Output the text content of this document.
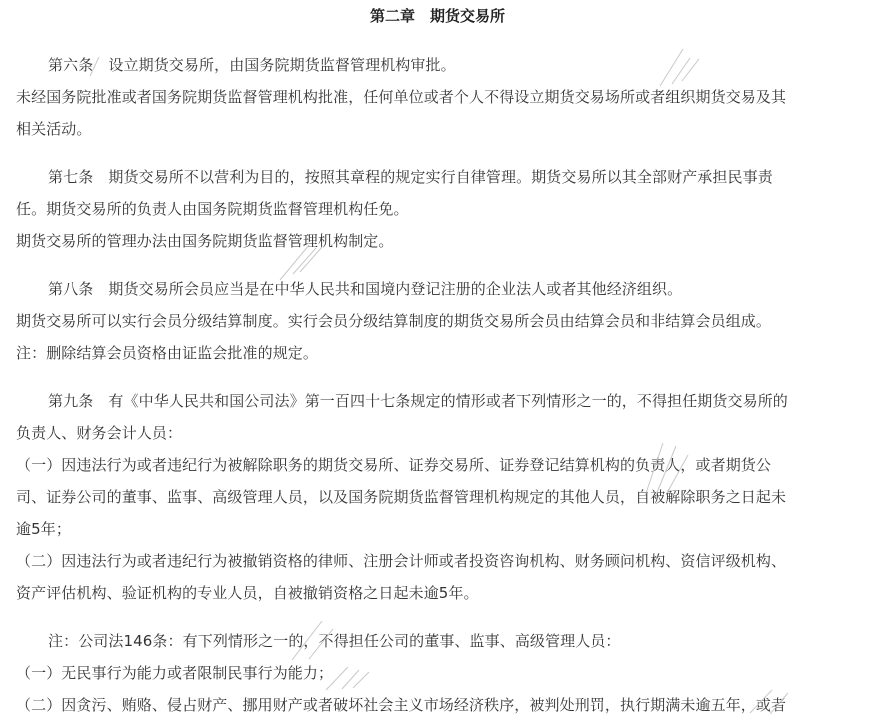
第二章　期货交易所
第六条　设立期货交易所，由国务院期货监督管理机构审批。
未经国务院批准或者国务院期货监督管理机构批准，任何单位或者个人不得设立期货交易场所或者组织期货交易及其
相关活动。
第七条　期货交易所不以营利为目的，按照其章程的规定实行自律管理。期货交易所以其全部财产承担民事责
任。期货交易所的负责人由国务院期货监督管理机构任免。
期货交易所的管理办法由国务院期货监督管理机构制定。
第八条　期货交易所会员应当是在中华人民共和国境内登记注册的企业法人或者其他经济组织。
期货交易所可以实行会员分级结算制度。实行会员分级结算制度的期货交易所会员由结算会员和非结算会员组成。
注：删除结算会员资格由证监会批准的规定。
第九条　有《中华人民共和国公司法》第一百四十七条规定的情形或者下列情形之一的，不得担任期货交易所的
负责人、财务会计人员：
（一）因违法行为或者违纪行为被解除职务的期货交易所、证券交易所、证券登记结算机构的负责人，或者期货公
司、证券公司的董事、监事、高级管理人员，以及国务院期货监督管理机构规定的其他人员，自被解除职务之日起未
逾5年；
（二）因违法行为或者违纪行为被撤销资格的律师、注册会计师或者投资咨询机构、财务顾问机构、资信评级机构、
资产评估机构、验证机构的专业人员，自被撤销资格之日起未逾5年。
注：公司法146条：有下列情形之一的，不得担任公司的董事、监事、高级管理人员：
（一）无民事行为能力或者限制民事行为能力；
（二）因贪污、贿赂、侵占财产、挪用财产或者破坏社会主义市场经济秩序，被判处刑罚，执行期满未逾五年，或者
